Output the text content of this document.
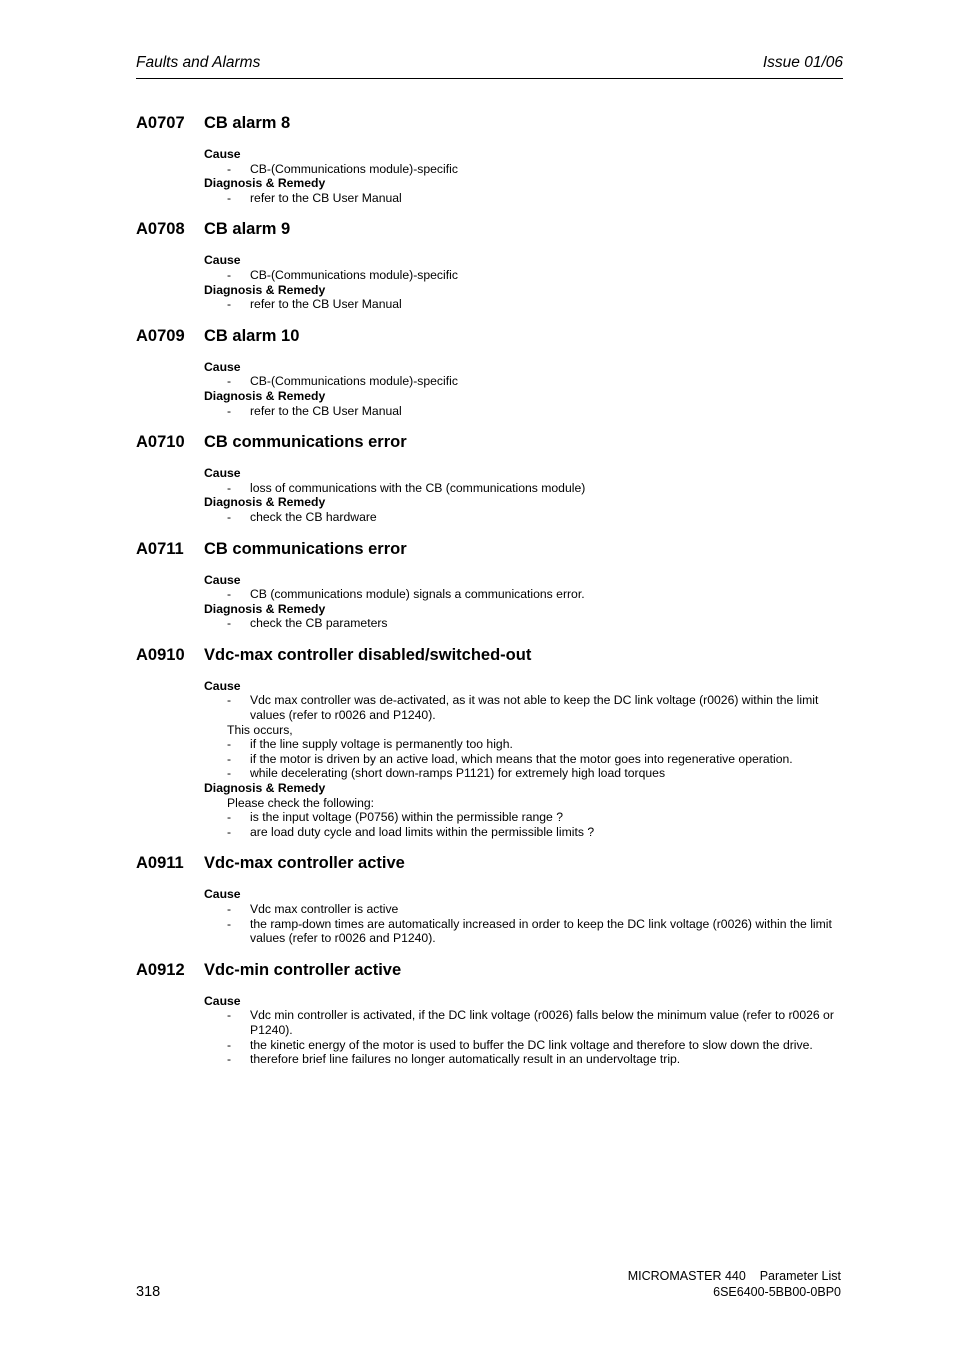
Faults and Alarms	Issue 01/06
A0707 CB alarm 8
Cause
- CB-(Communications module)-specific
Diagnosis & Remedy
- refer to the CB User Manual
A0708 CB alarm 9
Cause
- CB-(Communications module)-specific
Diagnosis & Remedy
- refer to the CB User Manual
A0709 CB alarm 10
Cause
- CB-(Communications module)-specific
Diagnosis & Remedy
- refer to the CB User Manual
A0710 CB communications error
Cause
- loss of communications with the CB (communications module)
Diagnosis & Remedy
- check the CB hardware
A0711 CB communications error
Cause
- CB (communications module) signals a communications error.
Diagnosis & Remedy
- check the CB parameters
A0910 Vdc-max controller disabled/switched-out
Cause
- Vdc max controller was de-activated, as it was not able to keep the DC link voltage (r0026) within the limit values (refer to r0026 and P1240).
This occurs,
- if the line supply voltage is permanently too high.
- if the motor is driven by an active load, which means that the motor goes into regenerative operation.
- while decelerating (short down-ramps P1121) for extremely high load torques
Diagnosis & Remedy
Please check the following:
- is the input voltage (P0756) within the permissible range ?
- are load duty cycle and load limits within the permissible limits ?
A0911 Vdc-max controller active
Cause
- Vdc max controller is active
- the ramp-down times are automatically increased in order to keep the DC link voltage (r0026) within the limit values (refer to r0026 and P1240).
A0912 Vdc-min controller active
Cause
- Vdc min controller is activated, if the DC link voltage (r0026) falls below the minimum value (refer to r0026 or P1240).
- the kinetic energy of the motor is used to buffer the DC link voltage and therefore to slow down the drive.
- therefore brief line failures no longer automatically result in an undervoltage trip.
318
MICROMASTER 440    Parameter List
6SE6400-5BB00-0BP0
